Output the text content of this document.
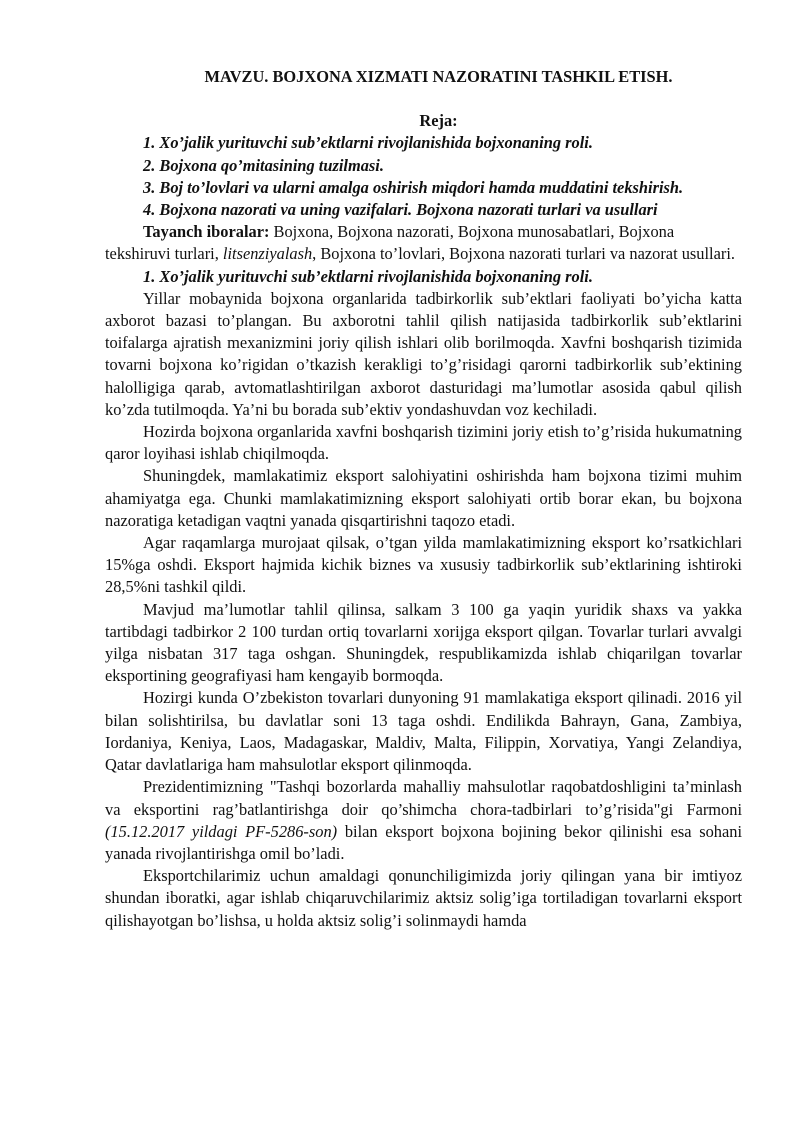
MAVZU. BOJXONA XIZMATI NAZORATINI TASHKIL ETISH.

Reja:

1. Xo’jalik yurituvchi sub’ektlarni rivojlanishida bojxonaning roli.

2. Bojxona qo’mitasining tuzilmasi.

3. Boj to’lovlari va ularni amalga oshirish miqdori hamda muddatini tekshirish.

4. Bojxona nazorati va uning vazifalari. Bojxona nazorati turlari va usullari

Tayanch iboralar: Bojxona, Bojxona nazorati, Bojxona munosabatlari, Bojxona tekshiruvi turlari, litsenziyalash, Bojxona to’lovlari, Bojxona nazorati turlari va nazorat usullari.

1. Xo’jalik yurituvchi sub’ektlarni rivojlanishida bojxonaning roli.

Yillar mobaynida bojxona organlarida tadbirkorlik sub’ektlari faoliyati bo’yicha katta axborot bazasi to’plangan. Bu axborotni tahlil qilish natijasida tadbirkorlik sub’ektlarini toifalarga ajratish mexanizmini joriy qilish ishlari olib borilmoqda. Xavfni boshqarish tizimida tovarni bojxona ko’rigidan o’tkazish kerakligi to’g’risidagi qarorni tadbirkorlik sub’ektining halolligiga qarab, avtomatlashtirilgan axborot dasturidagi ma’lumotlar asosida qabul qilish ko’zda tutilmoqda. Ya’ni bu borada sub’ektiv yondashuvdan voz kechiladi.

Hozirda bojxona organlarida xavfni boshqarish tizimini joriy etish to’g’risida hukumatning qaror loyihasi ishlab chiqilmoqda.

Shuningdek, mamlakatimiz eksport salohiyatini oshirishda ham bojxona tizimi muhim ahamiyatga ega. Chunki mamlakatimizning eksport salohiyati ortib borar ekan, bu bojxona nazoratiga ketadigan vaqtni yanada qisqartirishni taqozo etadi.

Agar raqamlarga murojaat qilsak, o’tgan yilda mamlakatimizning eksport ko’rsatkichlari 15%ga oshdi. Eksport hajmida kichik biznes va xususiy tadbirkorlik sub’ektlarining ishtiroki 28,5%ni tashkil qildi.

Mavjud ma’lumotlar tahlil qilinsa, salkam 3 100 ga yaqin yuridik shaxs va yakka tartibdagi tadbirkor 2 100 turdan ortiq tovarlarni xorijga eksport qilgan. Tovarlar turlari avvalgi yilga nisbatan 317 taga oshgan. Shuningdek, respublikamizda ishlab chiqarilgan tovarlar eksportining geografiyasi ham kengayib bormoqda.

Hozirgi kunda O’zbekiston tovarlari dunyoning 91 mamlakatiga eksport qilinadi. 2016 yil bilan solishtirilsa, bu davlatlar soni 13 taga oshdi. Endilikda Bahrayn, Gana, Zambiya, Iordaniya, Keniya, Laos, Madagaskar, Maldiv, Malta, Filippin, Xorvatiya, Yangi Zelandiya, Qatar davlatlariga ham mahsulotlar eksport qilinmoqda.

Prezidentimizning "Tashqi bozorlarda mahalliy mahsulotlar raqobatdoshligini ta’minlash va eksportini rag’batlantirishga doir qo’shimcha chora-tadbirlari to’g’risida"gi Farmoni (15.12.2017 yildagi PF-5286-son) bilan eksport bojxona bojining bekor qilinishi esa sohani yanada rivojlantirishga omil bo’ladi.

Eksportchilarimiz uchun amaldagi qonunchiligimizda joriy qilingan yana bir imtiyoz shundan iboratki, agar ishlab chiqaruvchilarimiz aktsiz solig’iga tortiladigan tovarlarni eksport qilishayotgan bo’lishsa, u holda aktsiz solig’i solinmaydi hamda
